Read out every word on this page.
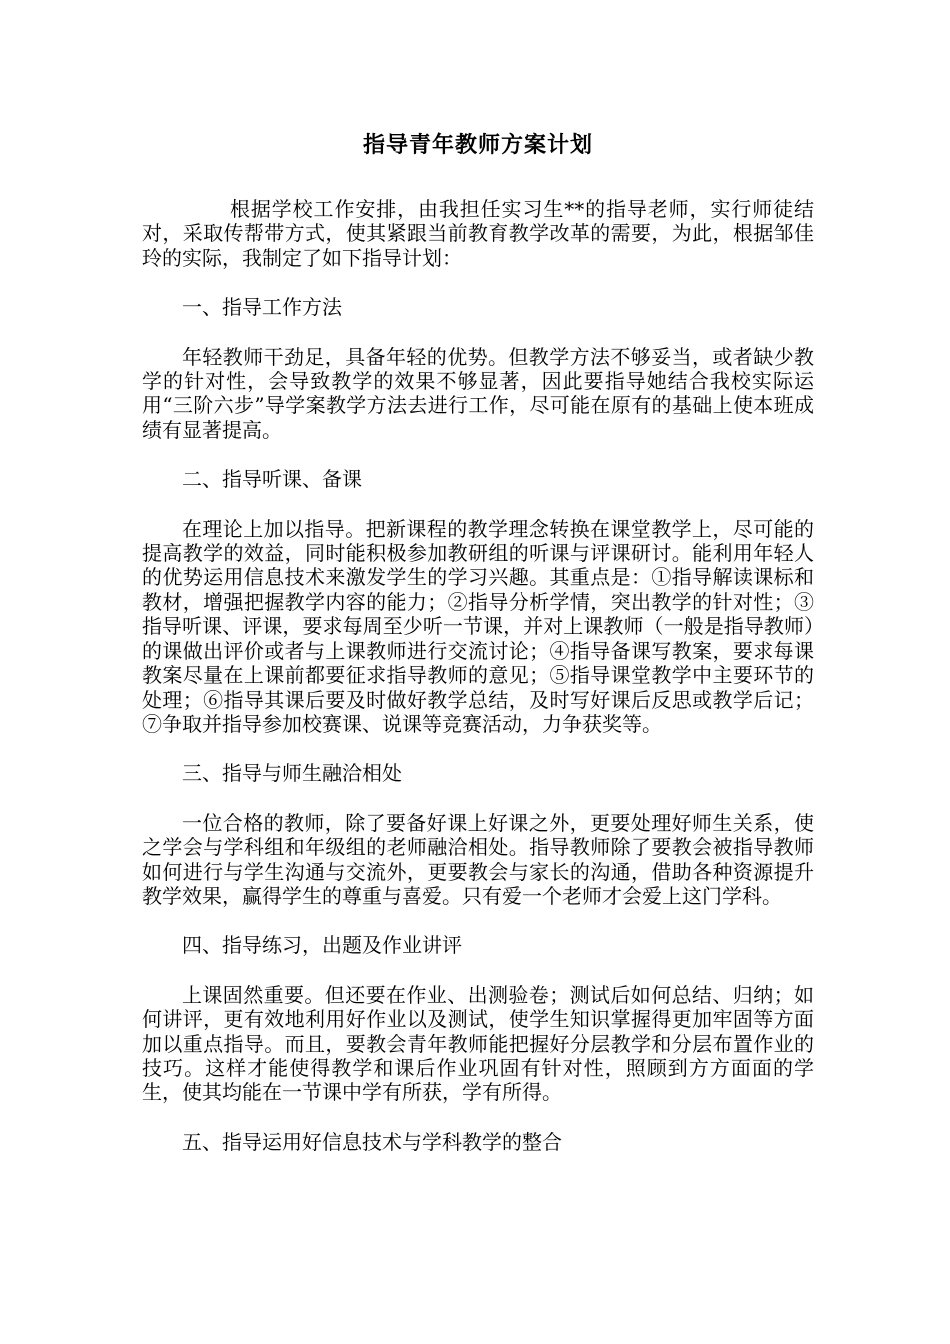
指导青年教师方案计划

根据学校工作安排，由我担任实习生**的指导老师，实行师徒结对，采取传帮带方式，使其紧跟当前教育教学改革的需要，为此，根据邹佳玲的实际，我制定了如下指导计划：

一、指导工作方法

年轻教师干劲足，具备年轻的优势。但教学方法不够妥当，或者缺少教学的针对性，会导致教学的效果不够显著，因此要指导她结合我校实际运用“三阶六步”导学案教学方法去进行工作，尽可能在原有的基础上使本班成绩有显著提高。

二、指导听课、备课

在理论上加以指导。把新课程的教学理念转换在课堂教学上，尽可能的提高教学的效益，同时能积极参加教研组的听课与评课研讨。能利用年轻人的优势运用信息技术来激发学生的学习兴趣。其重点是：①指导解读课标和教材，增强把握教学内容的能力；②指导分析学情，突出教学的针对性；③指导听课、评课，要求每周至少听一节课，并对上课教师（一般是指导教师）的课做出评价或者与上课教师进行交流讨论；④指导备课写教案，要求每课教案尽量在上课前都要征求指导教师的意见；⑤指导课堂教学中主要环节的处理；⑥指导其课后要及时做好教学总结，及时写好课后反思或教学后记；⑦争取并指导参加校赛课、说课等竞赛活动，力争获奖等。

三、指导与师生融洽相处

一位合格的教师，除了要备好课上好课之外，更要处理好师生关系，使之学会与学科组和年级组的老师融洽相处。指导教师除了要教会被指导教师如何进行与学生沟通与交流外，更要教会与家长的沟通，借助各种资源提升教学效果，赢得学生的尊重与喜爱。只有爱一个老师才会爱上这门学科。

四、指导练习，出题及作业讲评

上课固然重要。但还要在作业、出测验卷；测试后如何总结、归纳；如何讲评，更有效地利用好作业以及测试，使学生知识掌握得更加牢固等方面加以重点指导。而且，要教会青年教师能把握好分层教学和分层布置作业的技巧。这样才能使得教学和课后作业巩固有针对性，照顾到方方面面的学生，使其均能在一节课中学有所获，学有所得。

五、指导运用好信息技术与学科教学的整合
